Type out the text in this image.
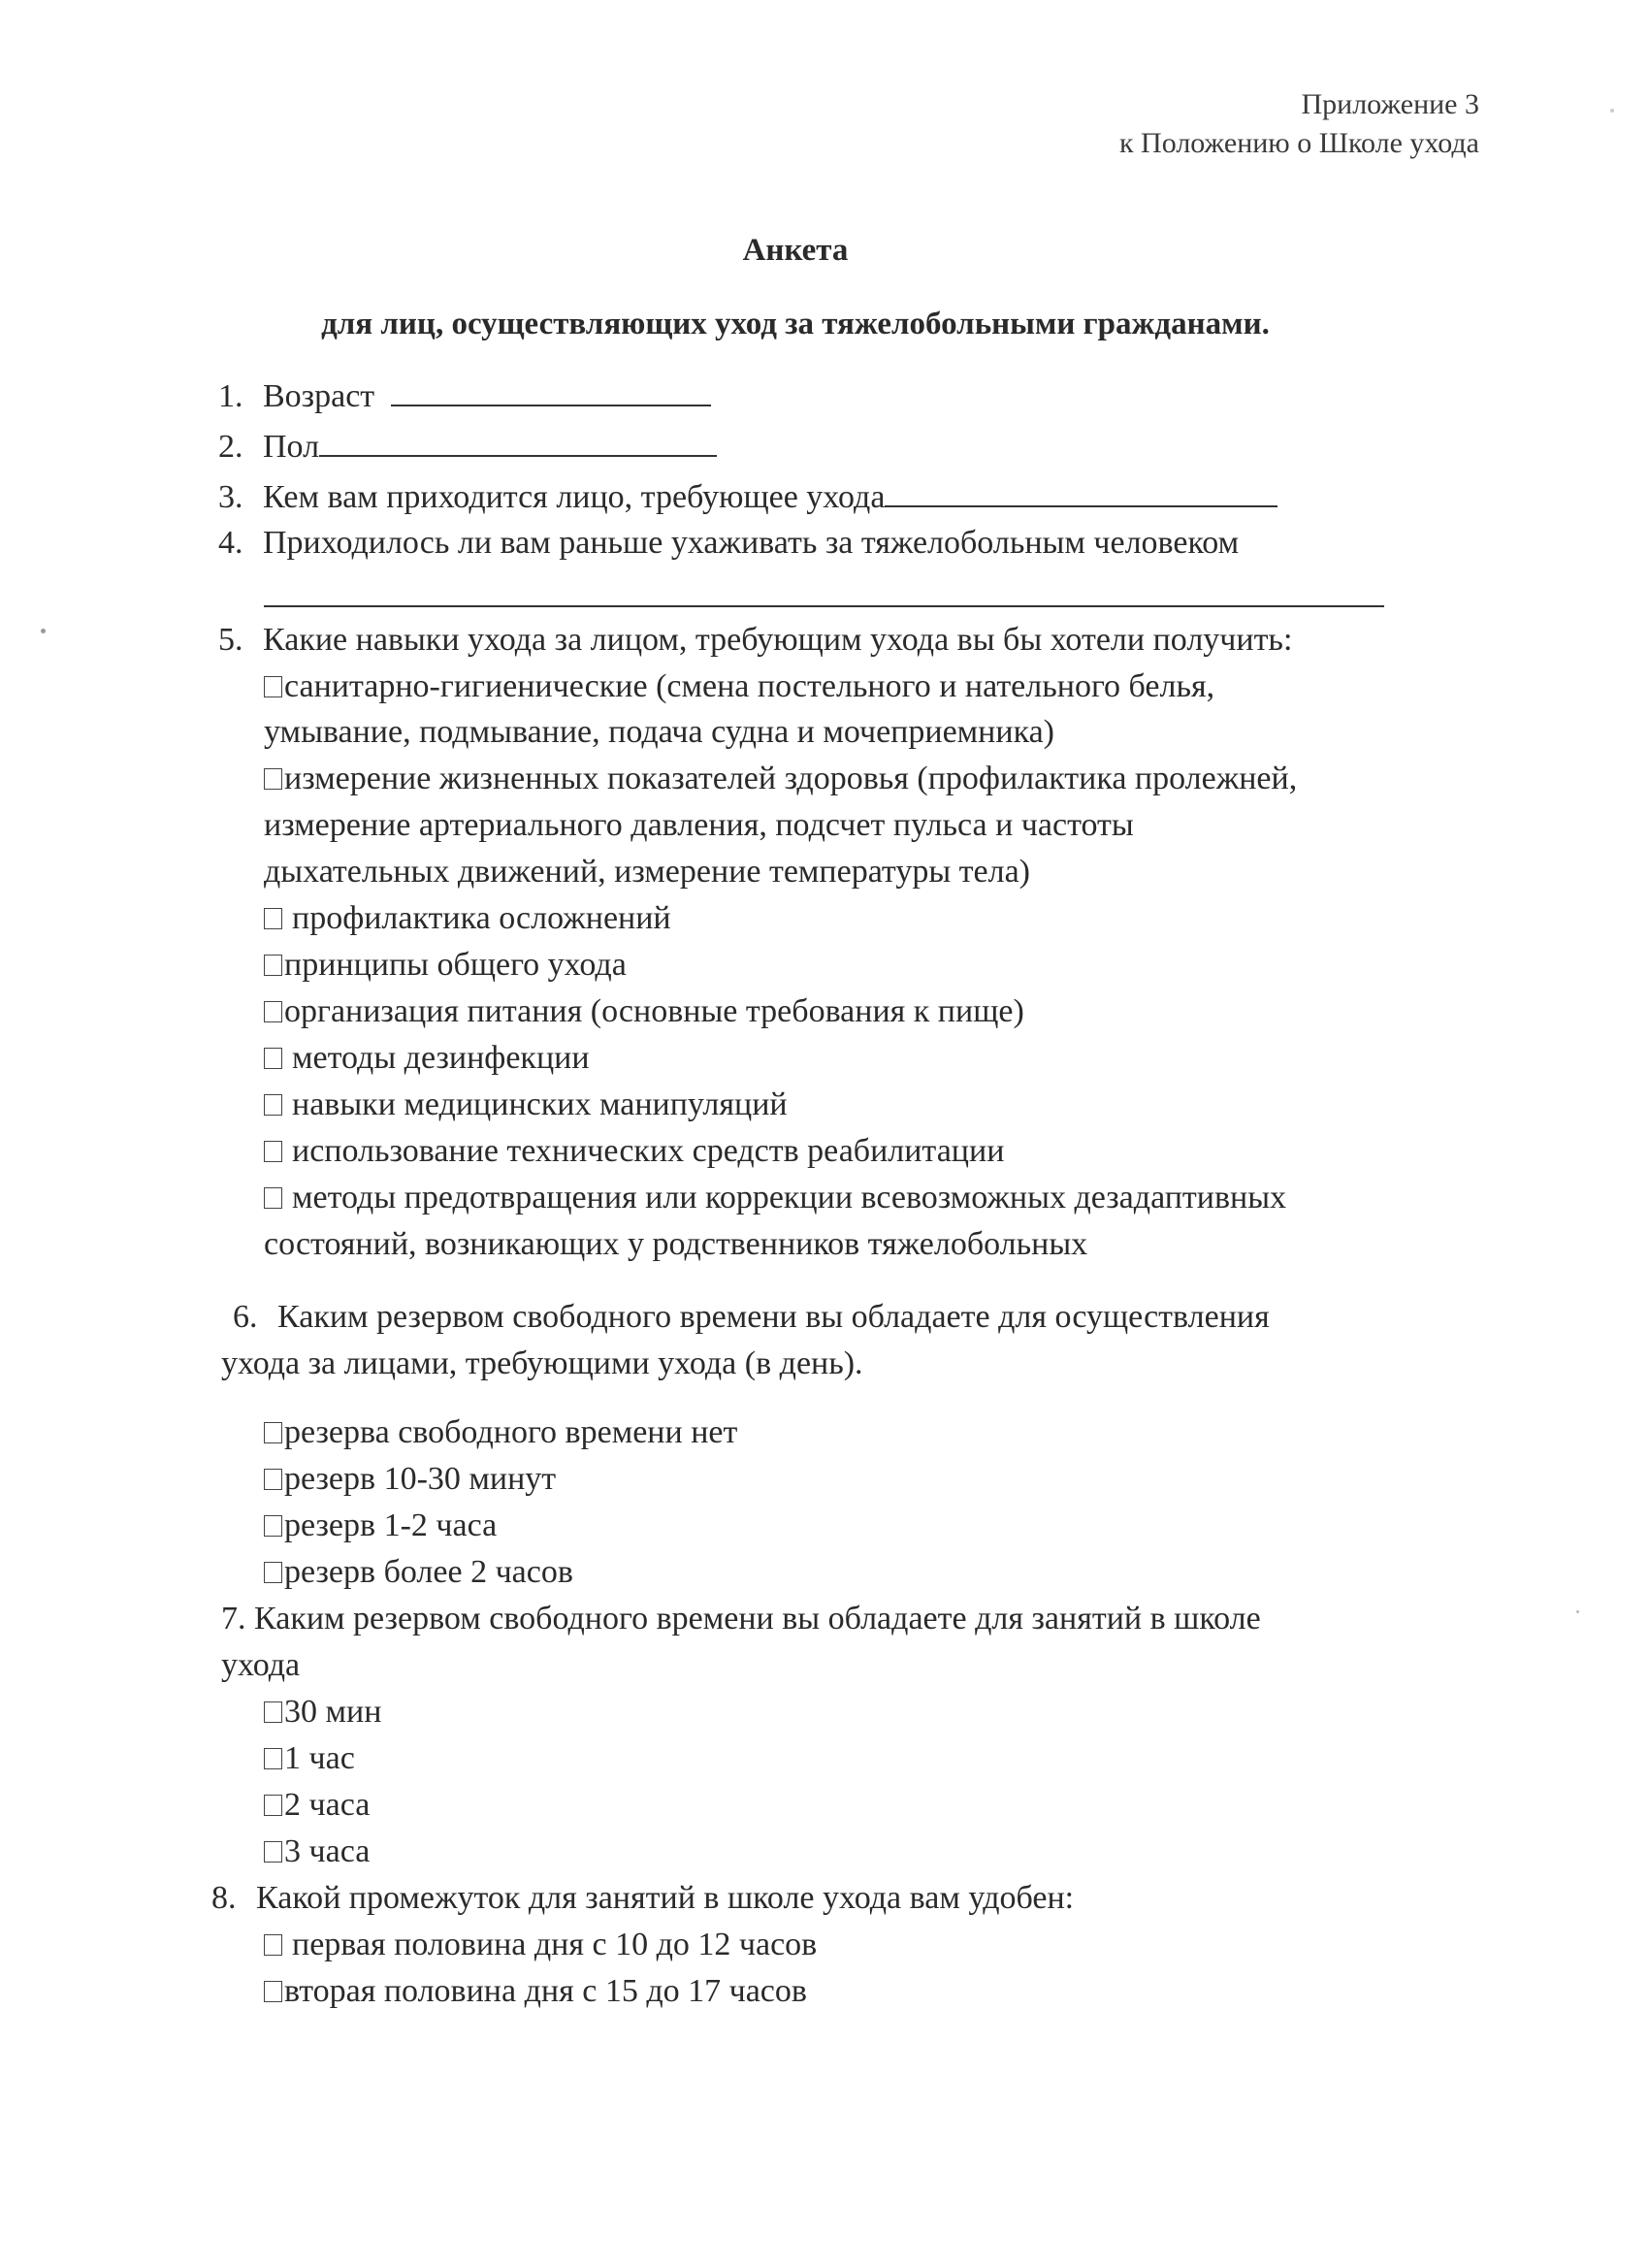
Приложение 3
к Положению о Школе ухода
Анкета
для лиц, осуществляющих уход за тяжелобольными гражданами.
1. Возраст
2. Пол
3. Кем вам приходится лицо, требующее ухода
4. Приходилось ли вам раньше ухаживать за тяжелобольным человеком
5. Какие навыки ухода за лицом, требующим ухода вы бы хотели получить:
санитарно-гигиенические (смена постельного и нательного белья,
умывание, подмывание, подача судна и мочеприемника)
измерение жизненных показателей здоровья (профилактика пролежней,
измерение артериального давления, подсчет пульса и частоты
дыхательных движений, измерение температуры тела)
профилактика осложнений
принципы общего ухода
организация питания (основные требования к пище)
методы дезинфекции
навыки медицинских манипуляций
использование технических средств реабилитации
методы предотвращения или коррекции всевозможных дезадаптивных
состояний, возникающих у родственников тяжелобольных
6. Каким резервом свободного времени вы обладаете для осуществления
ухода за лицами, требующими ухода (в день).
резерва свободного времени нет
резерв 10-30 минут
резерв 1-2 часа
резерв более 2 часов
7. Каким резервом свободного времени вы обладаете для занятий в школе
ухода
30 мин
1 час
2 часа
3 часа
8. Какой промежуток для занятий в школе ухода вам удобен:
первая половина дня с 10 до 12 часов
вторая половина дня с 15 до 17 часов
